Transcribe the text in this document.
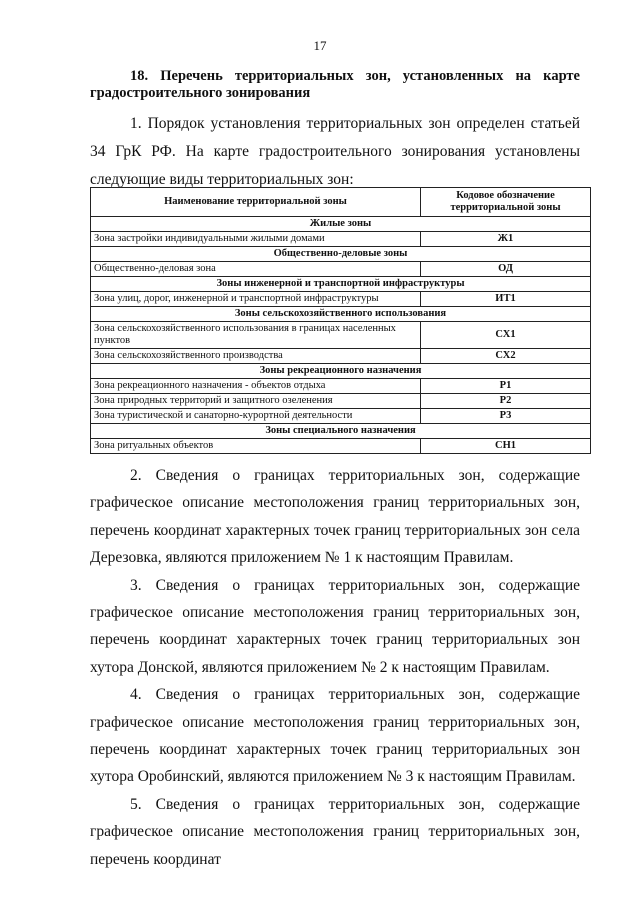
17
18. Перечень территориальных зон, установленных на карте градостроительного зонирования
1. Порядок установления территориальных зон определен статьей 34 ГрК РФ. На карте градостроительного зонирования установлены следующие виды территориальных зон:
Наименование территориальной зоны	Кодовое обозначение территориальной зоны
Жилые зоны	
Зона застройки индивидуальными жилыми домами	Ж1
Общественно-деловые зоны	
Общественно-деловая зона	ОД
Зоны инженерной и транспортной инфраструктуры	
Зона улиц, дорог, инженерной и транспортной инфраструктуры	ИТ1
Зоны сельскохозяйственного использования	
Зона сельскохозяйственного использования в границах населенных пунктов	СХ1
Зона сельскохозяйственного производства	СХ2
Зоны рекреационного назначения	
Зона рекреационного назначения - объектов отдыха	Р1
Зона природных территорий и защитного озеленения	Р2
Зона туристической и санаторно-курортной деятельности	Р3
Зоны специального назначения	
Зона ритуальных объектов	СН1

2. Сведения о границах территориальных зон, содержащие графическое описание местоположения границ территориальных зон, перечень координат характерных точек границ территориальных зон села Дерезовка, являются приложением № 1 к настоящим Правилам.

3. Сведения о границах территориальных зон, содержащие графическое описание местоположения границ территориальных зон, перечень координат характерных точек границ территориальных зон хутора Донской, являются приложением № 2 к настоящим Правилам.

4. Сведения о границах территориальных зон, содержащие графическое описание местоположения границ территориальных зон, перечень координат характерных точек границ территориальных зон хутора Оробинский, являются приложением № 3 к настоящим Правилам.

5. Сведения о границах территориальных зон, содержащие графическое описание местоположения границ территориальных зон, перечень координат
